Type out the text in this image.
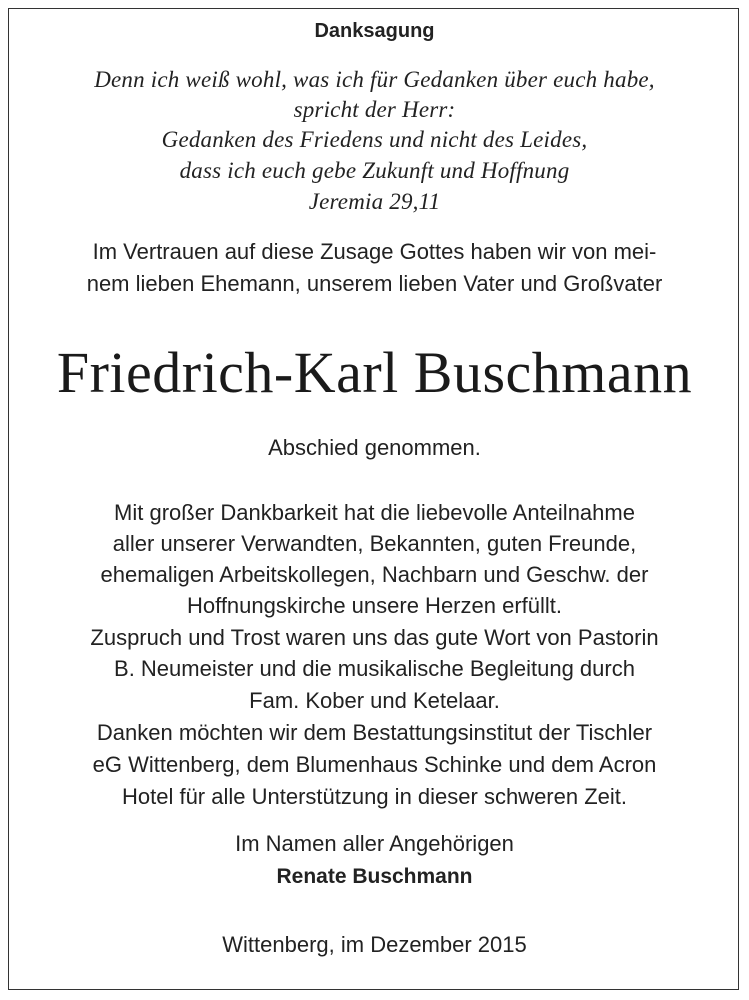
Danksagung
Denn ich weiß wohl, was ich für Gedanken über euch habe,
spricht der Herr:
Gedanken des Friedens und nicht des Leides,
dass ich euch gebe Zukunft und Hoffnung
Jeremia 29,11
Im Vertrauen auf diese Zusage Gottes haben wir von mei-
nem lieben Ehemann, unserem lieben Vater und Großvater
Friedrich-Karl Buschmann
Abschied genommen.
Mit großer Dankbarkeit hat die liebevolle Anteilnahme
aller unserer Verwandten, Bekannten, guten Freunde,
ehemaligen Arbeitskollegen, Nachbarn und Geschw. der
Hoffnungskirche unsere Herzen erfüllt.
Zuspruch und Trost waren uns das gute Wort von Pastorin
B. Neumeister und die musikalische Begleitung durch
Fam. Kober und Ketelaar.
Danken möchten wir dem Bestattungsinstitut der Tischler
eG Wittenberg, dem Blumenhaus Schinke und dem Acron
Hotel für alle Unterstützung in dieser schweren Zeit.
Im Namen aller Angehörigen
Renate Buschmann
Wittenberg, im Dezember 2015
